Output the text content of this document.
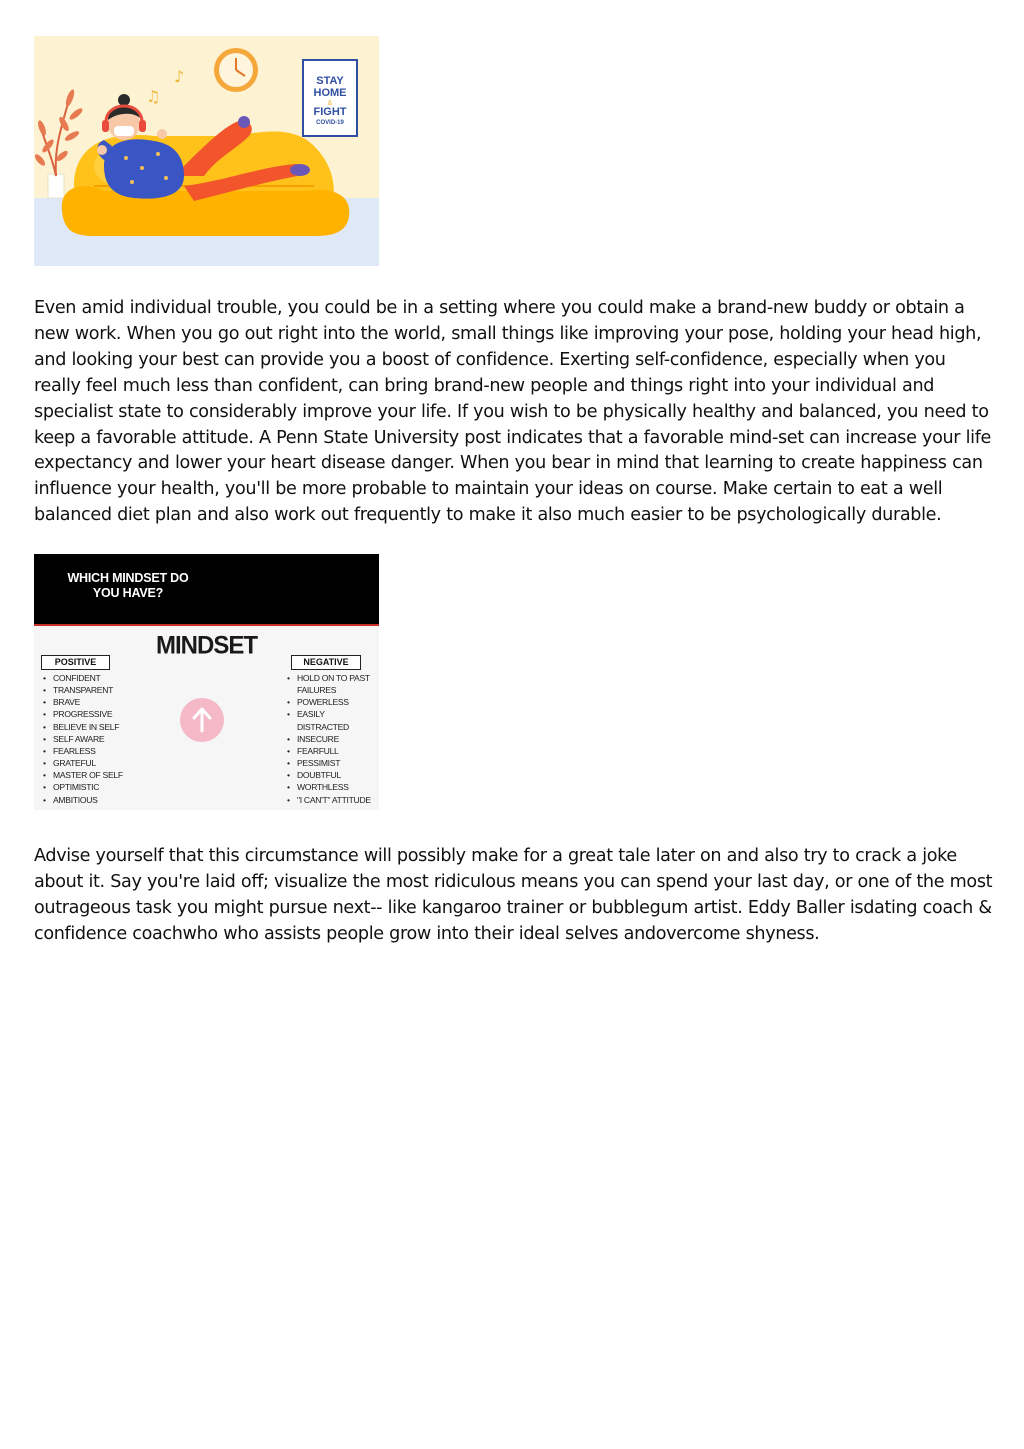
♪
♫
STAY
HOME
&
FIGHT
COVID-19

Even amid individual trouble, you could be in a setting where you could make a brand-new buddy or obtain a new work. When you go out right into the world, small things like improving your pose, holding your head high, and looking your best can provide you a boost of confidence. Exerting self-confidence, especially when you really feel much less than confident, can bring brand-new people and things right into your individual and specialist state to considerably improve your life. If you wish to be physically healthy and balanced, you need to keep a favorable attitude. A Penn State University post indicates that a favorable mind-set can increase your life expectancy and lower your heart disease danger. When you bear in mind that learning to create happiness can influence your health, you'll be more probable to maintain your ideas on course. Make certain to eat a well balanced diet plan and also work out frequently to make it also much easier to be psychologically durable.

WHICH MINDSET DO
YOU HAVE?
MINDSET
POSITIVE	NEGATIVE
• CONFIDENT
• TRANSPARENT
• BRAVE
• PROGRESSIVE
• BELIEVE IN SELF
• SELF AWARE
• FEARLESS
• GRATEFUL
• MASTER OF SELF
• OPTIMISTIC
• AMBITIOUS
• HOLD ON TO PAST
FAILURES
• POWERLESS
• EASILY DISTRACTED
• INSECURE
• FEARFULL
• PESSIMIST
• DOUBTFUL
• WORTHLESS
• "I CAN'T" ATTITUDE

Advise yourself that this circumstance will possibly make for a great tale later on and also try to crack a joke about it. Say you're laid off; visualize the most ridiculous means you can spend your last day, or one of the most outrageous task you might pursue next-- like kangaroo trainer or bubblegum artist. Eddy Baller isdating coach & confidence coachwho who assists people grow into their ideal selves andovercome shyness.
